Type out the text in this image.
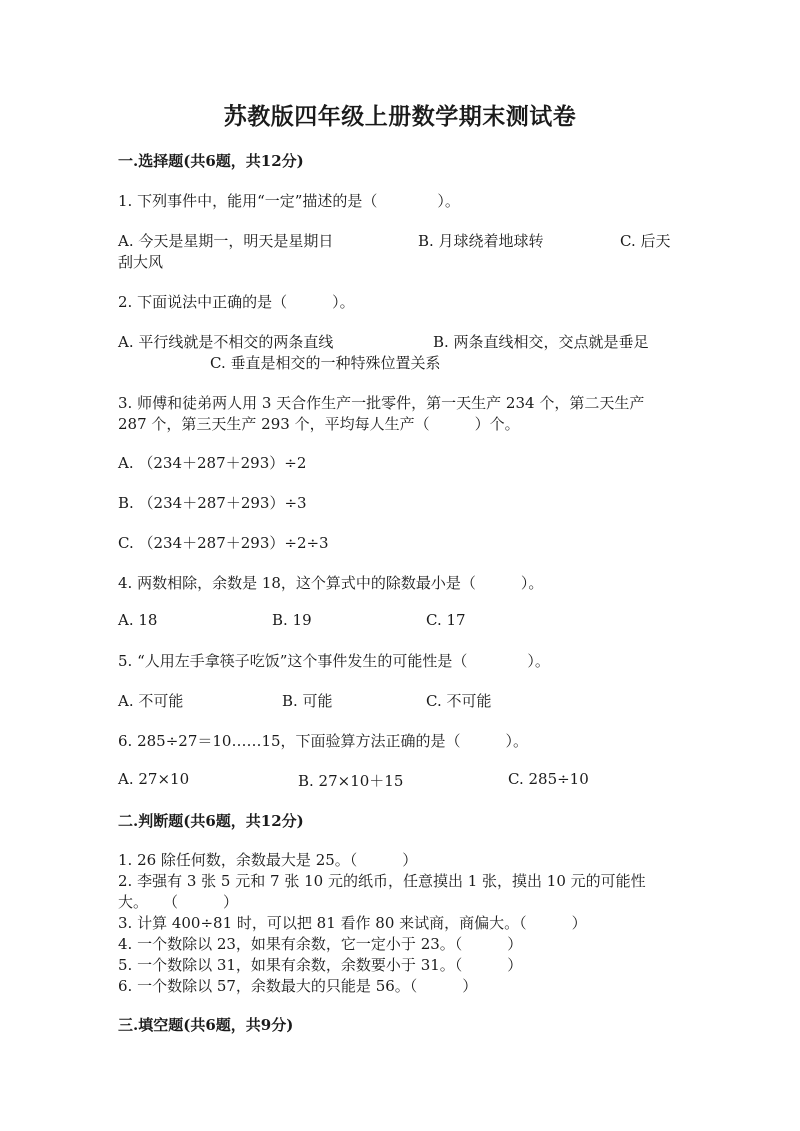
苏教版四年级上册数学期末测试卷
一.选择题(共6题，共12分)
1. 下列事件中，能用“一定”描述的是（　　　　）。
A. 今天是星期一，明天是星期日	B. 月球绕着地球转	C. 后天
刮大风
2. 下面说法中正确的是（　　　）。
A. 平行线就是不相交的两条直线	B. 两条直线相交，交点就是垂足
C. 垂直是相交的一种特殊位置关系
3. 师傅和徒弟两人用 3 天合作生产一批零件，第一天生产 234 个，第二天生产
287 个，第三天生产 293 个，平均每人生产（　　　）个。
A. （234＋287＋293）÷2
B. （234＋287＋293）÷3
C. （234＋287＋293）÷2÷3
4. 两数相除，余数是 18，这个算式中的除数最小是（　　　）。
A. 18	B. 19	C. 17
5. “人用左手拿筷子吃饭”这个事件发生的可能性是（　　　　）。
A. 不可能	B. 可能	C. 不可能
6. 285÷27＝10……15，下面验算方法正确的是（　　　）。
A. 27×10	B. 27×10＋15	C. 285÷10
二.判断题(共6题，共12分)
1. 26 除任何数，余数最大是 25。（　　　）
2. 李强有 3 张 5 元和 7 张 10 元的纸币，任意摸出 1 张，摸出 10 元的可能性
大。　　（　　　）
3. 计算 400÷81 时，可以把 81 看作 80 来试商，商偏大。（　　　）
4. 一个数除以 23，如果有余数，它一定小于 23。（　　　）
5. 一个数除以 31，如果有余数，余数要小于 31。（　　　）
6. 一个数除以 57，余数最大的只能是 56。（　　　）
三.填空题(共6题，共9分)
